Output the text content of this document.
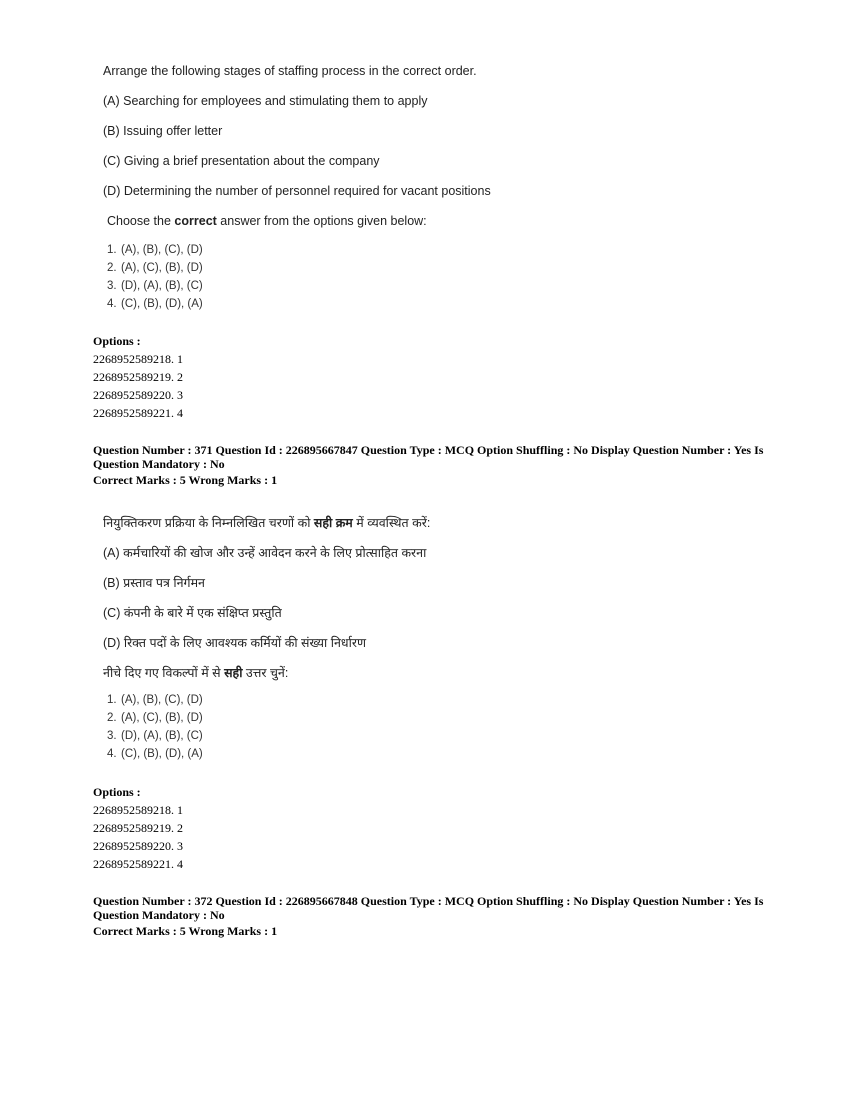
Arrange the following stages of staffing process in the correct order.
(A) Searching for employees and stimulating them to apply
(B) Issuing offer letter
(C) Giving a brief presentation about the company
(D) Determining the number of personnel required for vacant positions
Choose the correct answer from the options given below:
1. (A), (B), (C), (D)
2. (A), (C), (B), (D)
3. (D), (A), (B), (C)
4. (C), (B), (D), (A)
Options :
2268952589218. 1
2268952589219. 2
2268952589220. 3
2268952589221. 4
Question Number : 371 Question Id : 226895667847 Question Type : MCQ Option Shuffling : No Display Question Number : Yes Is
Question Mandatory : No
Correct Marks : 5 Wrong Marks : 1
नियुक्तिकरण प्रक्रिया के निम्नलिखित चरणों को सही क्रम में व्यवस्थित करें:
(A) कर्मचारियों की खोज और उन्हें आवेदन करने के लिए प्रोत्साहित करना
(B) प्रस्ताव पत्र निर्गमन
(C) कंपनी के बारे में एक संक्षिप्त प्रस्तुति
(D) रिक्त पदों के लिए आवश्यक कर्मियों की संख्या निर्धारण
नीचे दिए गए विकल्पों में से सही उत्तर चुनें:
1. (A), (B), (C), (D)
2. (A), (C), (B), (D)
3. (D), (A), (B), (C)
4. (C), (B), (D), (A)
Options :
2268952589218. 1
2268952589219. 2
2268952589220. 3
2268952589221. 4
Question Number : 372 Question Id : 226895667848 Question Type : MCQ Option Shuffling : No Display Question Number : Yes Is
Question Mandatory : No
Correct Marks : 5 Wrong Marks : 1
